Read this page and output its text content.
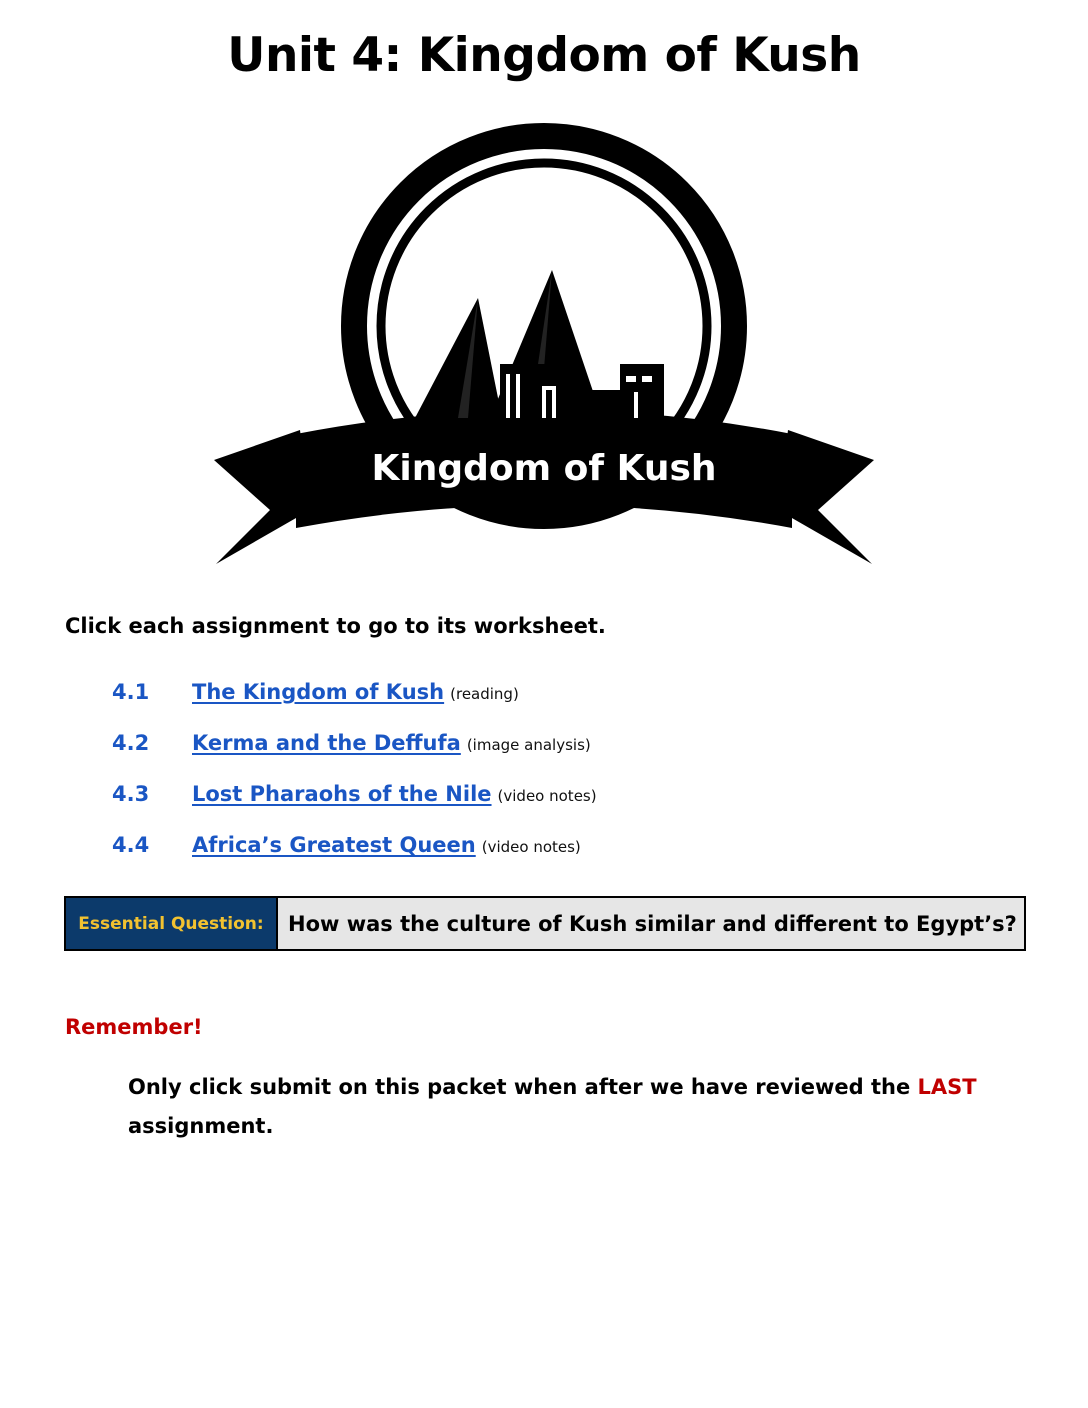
Unit 4: Kingdom of Kush
Kingdom of Kush

Click each assignment to go to its worksheet.

4.1 The Kingdom of Kush (reading)
4.2 Kerma and the Deffufa (image analysis)
4.3 Lost Pharaohs of the Nile (video notes)
4.4 Africa’s Greatest Queen (video notes)
Essential Question:	How was the culture of Kush similar and different to Egypt’s?

Remember!

Only click submit on this packet when after we have reviewed the LAST assignment.
